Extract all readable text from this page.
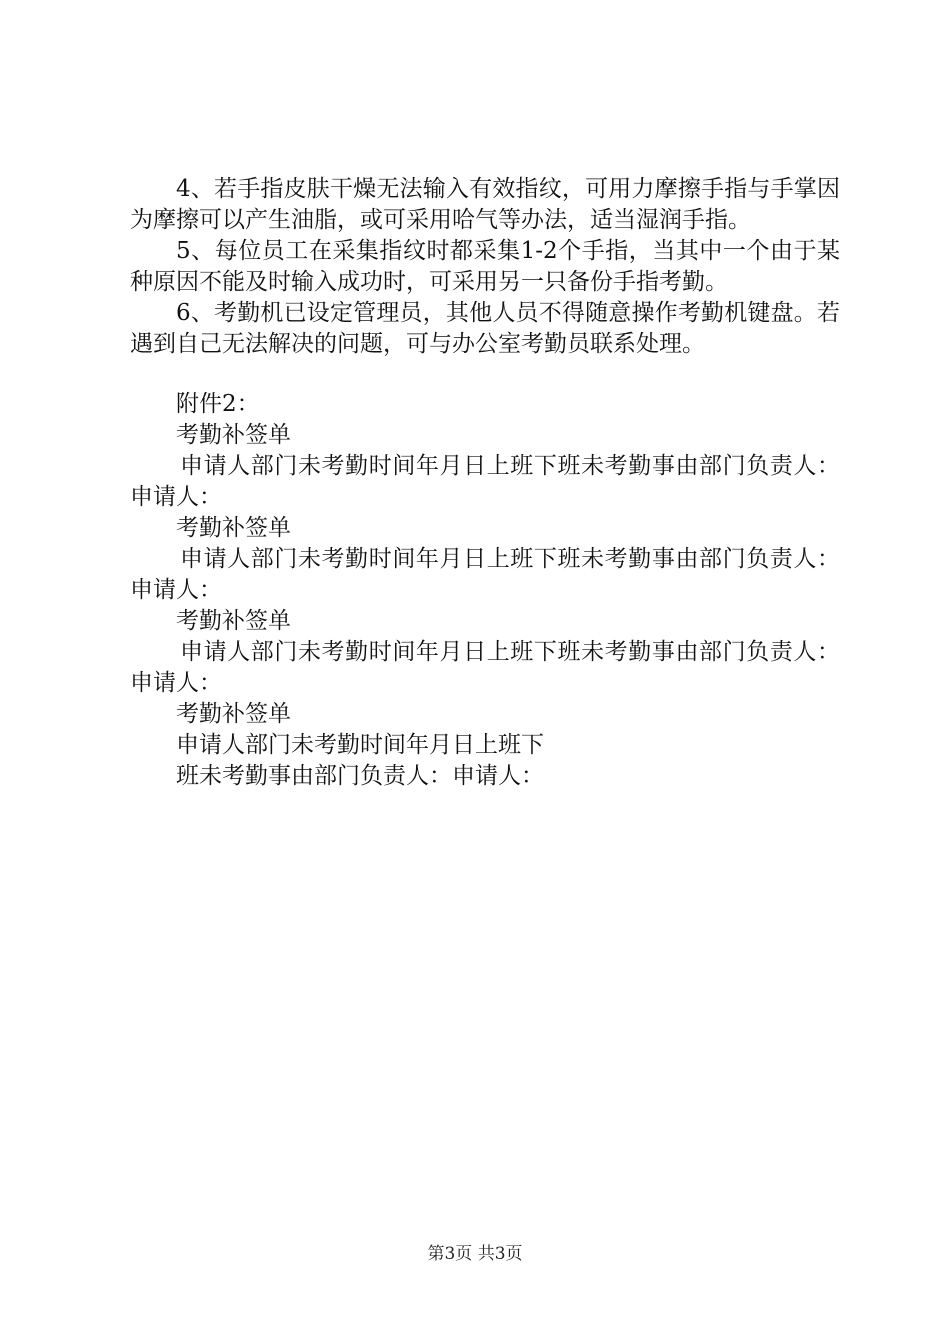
4、若手指皮肤干燥无法输入有效指纹，可用力摩擦手指与手掌因为摩擦可以产生油脂，或可采用哈气等办法，适当湿润手指。

5、每位员工在采集指纹时都采集1-2个手指，当其中一个由于某种原因不能及时输入成功时，可采用另一只备份手指考勤。

6、考勤机已设定管理员，其他人员不得随意操作考勤机键盘。若遇到自己无法解决的问题，可与办公室考勤员联系处理。

附件2：

考勤补签单

申请人部门未考勤时间年月日上班下班未考勤事由部门负责人：申请人：

考勤补签单

申请人部门未考勤时间年月日上班下班未考勤事由部门负责人：申请人：

考勤补签单

申请人部门未考勤时间年月日上班下班未考勤事由部门负责人：申请人：

考勤补签单

申请人部门未考勤时间年月日上班下

班未考勤事由部门负责人：申请人：

第3页 共3页
